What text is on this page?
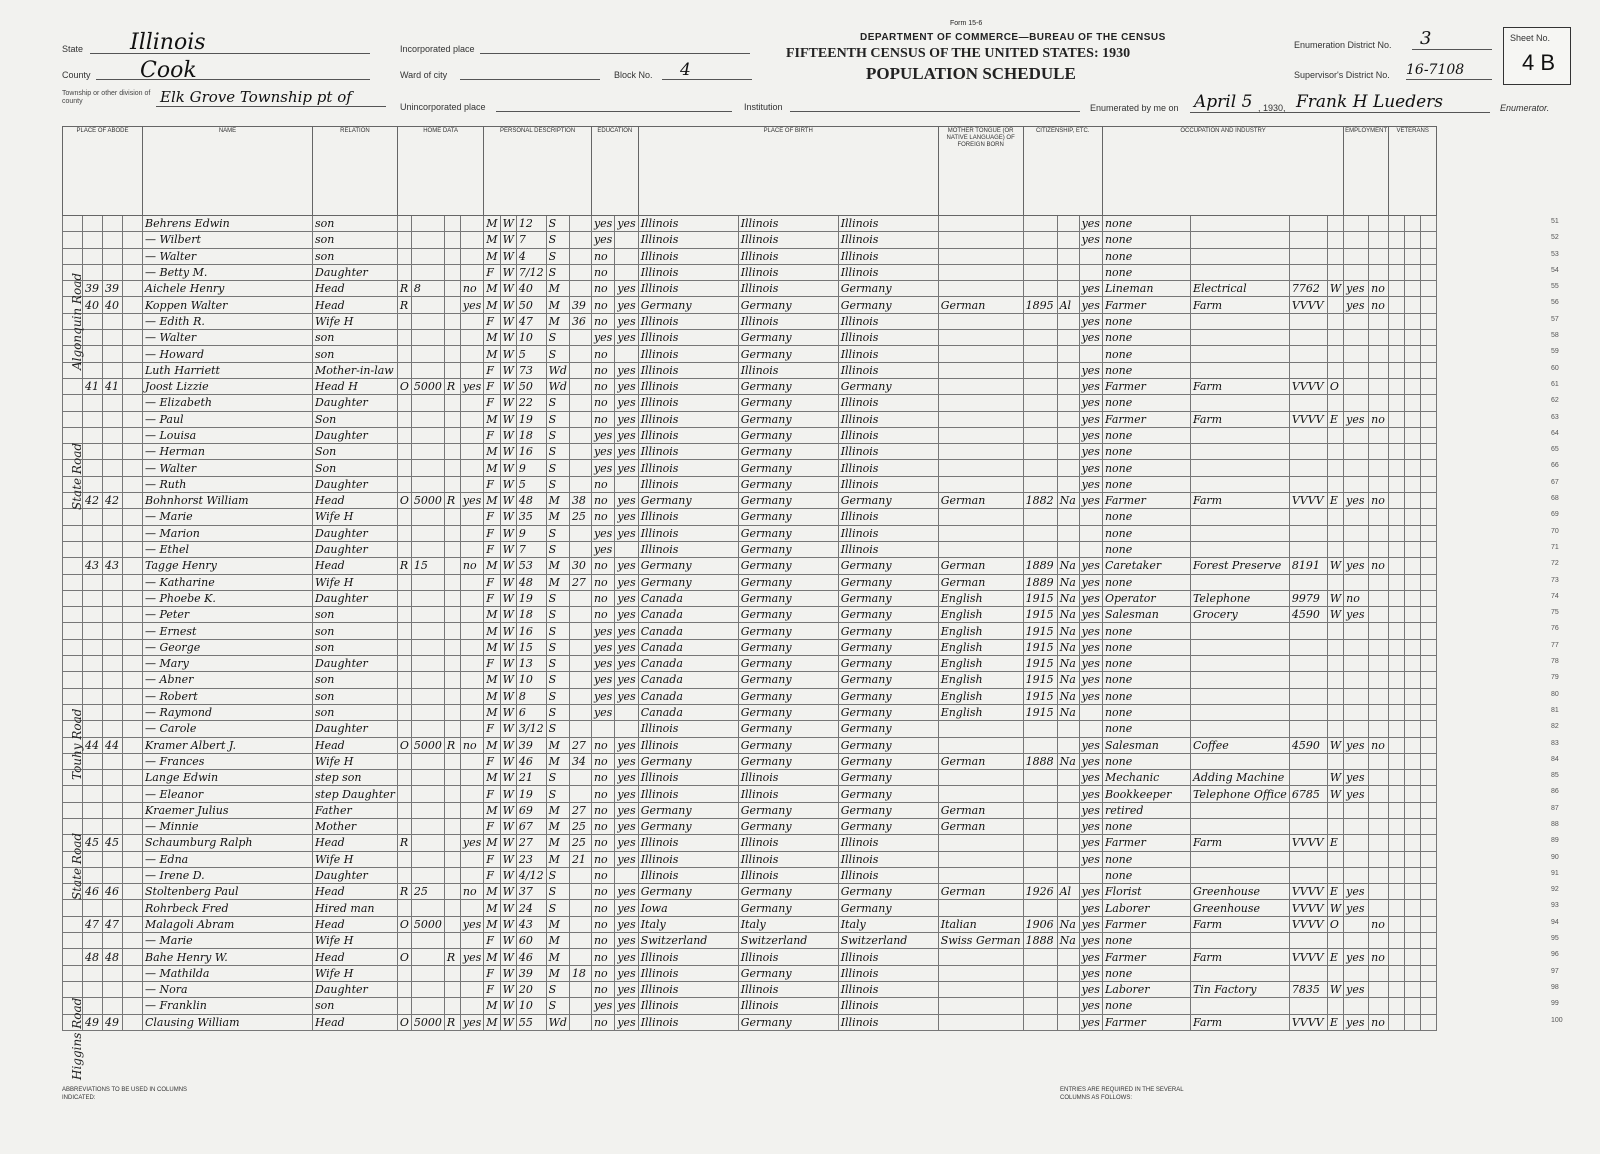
State Illinois
County Cook
Township or other division of county	Elk Grove Township pt of
Incorporated place
Ward of city	Block No. 4
Unincorporated place	Institution
Form 15-6
DEPARTMENT OF COMMERCE—BUREAU OF THE CENSUS
FIFTEENTH CENSUS OF THE UNITED STATES: 1930
POPULATION SCHEDULE
Enumeration District No. 3
Supervisor's District No. 16-7108
Sheet No.
4 B
Enumerated by me on April 5 , 1930, Frank H Lueders	Enumerator.
PLACE OF ABODE				NAME	RELATION	HOME DATA				PERSONAL DESCRIPTION					EDUCATION		PLACE OF BIRTH			MOTHER TONGUE (OR NATIVE LANGUAGE) OF FOREIGN BORN	CITIZENSHIP, ETC.			OCCUPATION AND INDUSTRY				EMPLOYMENT		VETERANS		
				Behrens Edwin	son					M	W	12	S		yes	yes	Illinois	Illinois	Illinois				yes	none								
				— Wilbert	son					M	W	7	S		yes		Illinois	Illinois	Illinois				yes	none								
				— Walter	son					M	W	4	S		no		Illinois	Illinois	Illinois					none								
				— Betty M.	Daughter					F	W	7/12	S		no		Illinois	Illinois	Illinois					none								
	39	39		Aichele Henry	Head	R	8		no	M	W	40	M		no	yes	Illinois	Illinois	Germany				yes	Lineman	Electrical	7762	W	yes	no			
	40	40		Koppen Walter	Head	R			yes	M	W	50	M	39	no	yes	Germany	Germany	Germany	German	1895	Al	yes	Farmer	Farm	VVVV		yes	no			
				— Edith R.	Wife H					F	W	47	M	36	no	yes	Illinois	Illinois	Illinois				yes	none								
				— Walter	son					M	W	10	S		yes	yes	Illinois	Germany	Illinois				yes	none								
				— Howard	son					M	W	5	S		no		Illinois	Germany	Illinois					none								
				Luth Harriett	Mother-in-law					F	W	73	Wd		no	yes	Illinois	Illinois	Illinois				yes	none								
	41	41		Joost Lizzie	Head H	O	5000	R	yes	F	W	50	Wd		no	yes	Illinois	Germany	Germany				yes	Farmer	Farm	VVVV	O					
				— Elizabeth	Daughter					F	W	22	S		no	yes	Illinois	Germany	Illinois				yes	none								
				— Paul	Son					M	W	19	S		no	yes	Illinois	Germany	Illinois				yes	Farmer	Farm	VVVV	E	yes	no			
				— Louisa	Daughter					F	W	18	S		yes	yes	Illinois	Germany	Illinois				yes	none								
				— Herman	Son					M	W	16	S		yes	yes	Illinois	Germany	Illinois				yes	none								
				— Walter	Son					M	W	9	S		yes	yes	Illinois	Germany	Illinois				yes	none								
				— Ruth	Daughter					F	W	5	S		no		Illinois	Germany	Illinois				yes	none								
	42	42		Bohnhorst William	Head	O	5000	R	yes	M	W	48	M	38	no	yes	Germany	Germany	Germany	German	1882	Na	yes	Farmer	Farm	VVVV	E	yes	no			
				— Marie	Wife H					F	W	35	M	25	no	yes	Illinois	Germany	Illinois					none								
				— Marion	Daughter					F	W	9	S		yes	yes	Illinois	Germany	Illinois					none								
				— Ethel	Daughter					F	W	7	S		yes		Illinois	Germany	Illinois					none								
	43	43		Tagge Henry	Head	R	15		no	M	W	53	M	30	no	yes	Germany	Germany	Germany	German	1889	Na	yes	Caretaker	Forest Preserve	8191	W	yes	no			
				— Katharine	Wife H					F	W	48	M	27	no	yes	Germany	Germany	Germany	German	1889	Na	yes	none								
				— Phoebe K.	Daughter					F	W	19	S		no	yes	Canada	Germany	Germany	English	1915	Na	yes	Operator	Telephone	9979	W	no				
				— Peter	son					M	W	18	S		no	yes	Canada	Germany	Germany	English	1915	Na	yes	Salesman	Grocery	4590	W	yes				
				— Ernest	son					M	W	16	S		yes	yes	Canada	Germany	Germany	English	1915	Na	yes	none								
				— George	son					M	W	15	S		yes	yes	Canada	Germany	Germany	English	1915	Na	yes	none								
				— Mary	Daughter					F	W	13	S		yes	yes	Canada	Germany	Germany	English	1915	Na	yes	none								
				— Abner	son					M	W	10	S		yes	yes	Canada	Germany	Germany	English	1915	Na	yes	none								
				— Robert	son					M	W	8	S		yes	yes	Canada	Germany	Germany	English	1915	Na	yes	none								
				— Raymond	son					M	W	6	S		yes		Canada	Germany	Germany	English	1915	Na		none								
				— Carole	Daughter					F	W	3/12	S				Illinois	Germany	Germany					none								
	44	44		Kramer Albert J.	Head	O	5000	R	no	M	W	39	M	27	no	yes	Illinois	Germany	Germany				yes	Salesman	Coffee	4590	W	yes	no			
				— Frances	Wife H					F	W	46	M	34	no	yes	Germany	Germany	Germany	German	1888	Na	yes	none								
				Lange Edwin	step son					M	W	21	S		no	yes	Illinois	Illinois	Germany				yes	Mechanic	Adding Machine		W	yes				
				— Eleanor	step Daughter					F	W	19	S		no	yes	Illinois	Illinois	Germany				yes	Bookkeeper	Telephone Office	6785	W	yes				
				Kraemer Julius	Father					M	W	69	M	27	no	yes	Germany	Germany	Germany	German			yes	retired								
				— Minnie	Mother					F	W	67	M	25	no	yes	Germany	Germany	Germany	German			yes	none								
	45	45		Schaumburg Ralph	Head	R			yes	M	W	27	M	25	no	yes	Illinois	Illinois	Illinois				yes	Farmer	Farm	VVVV	E					
				— Edna	Wife H					F	W	23	M	21	no	yes	Illinois	Illinois	Illinois				yes	none								
				— Irene D.	Daughter					F	W	4/12	S		no		Illinois	Illinois	Illinois					none								
	46	46		Stoltenberg Paul	Head	R	25		no	M	W	37	S		no	yes	Germany	Germany	Germany	German	1926	Al	yes	Florist	Greenhouse	VVVV	E	yes				
				Rohrbeck Fred	Hired man					M	W	24	S		no	yes	Iowa	Germany	Germany				yes	Laborer	Greenhouse	VVVV	W	yes				
	47	47		Malagoli Abram	Head	O	5000		yes	M	W	43	M		no	yes	Italy	Italy	Italy	Italian	1906	Na	yes	Farmer	Farm	VVVV	O		no			
				— Marie	Wife H					F	W	60	M		no	yes	Switzerland	Switzerland	Switzerland	Swiss German	1888	Na	yes	none								
	48	48		Bahe Henry W.	Head	O		R	yes	M	W	46	M		no	yes	Illinois	Illinois	Illinois				yes	Farmer	Farm	VVVV	E	yes	no			
				— Mathilda	Wife H					F	W	39	M	18	no	yes	Illinois	Germany	Illinois				yes	none								
				— Nora	Daughter					F	W	20	S		no	yes	Illinois	Illinois	Illinois				yes	Laborer	Tin Factory	7835	W	yes				
				— Franklin	son					M	W	10	S		yes	yes	Illinois	Illinois	Illinois				yes	none								
	49	49		Clausing William	Head	O	5000	R	yes	M	W	55	Wd		no	yes	Illinois	Germany	Illinois				yes	Farmer	Farm	VVVV	E	yes	no			
51
52
53
54
55
56
57
58
59
60
61
62
63
64
65
66
67
68
69
70
71
72
73
74
75
76
77
78
79
80
81
82
83
84
85
86
87
88
89
90
91
92
93
94
95
96
97
98
99
100
Algonquin Road
State Road
Touhy Road
State Road
Higgins Road
ABBREVIATIONS TO BE USED IN COLUMNS INDICATED:
ENTRIES ARE REQUIRED IN THE SEVERAL COLUMNS AS FOLLOWS:
